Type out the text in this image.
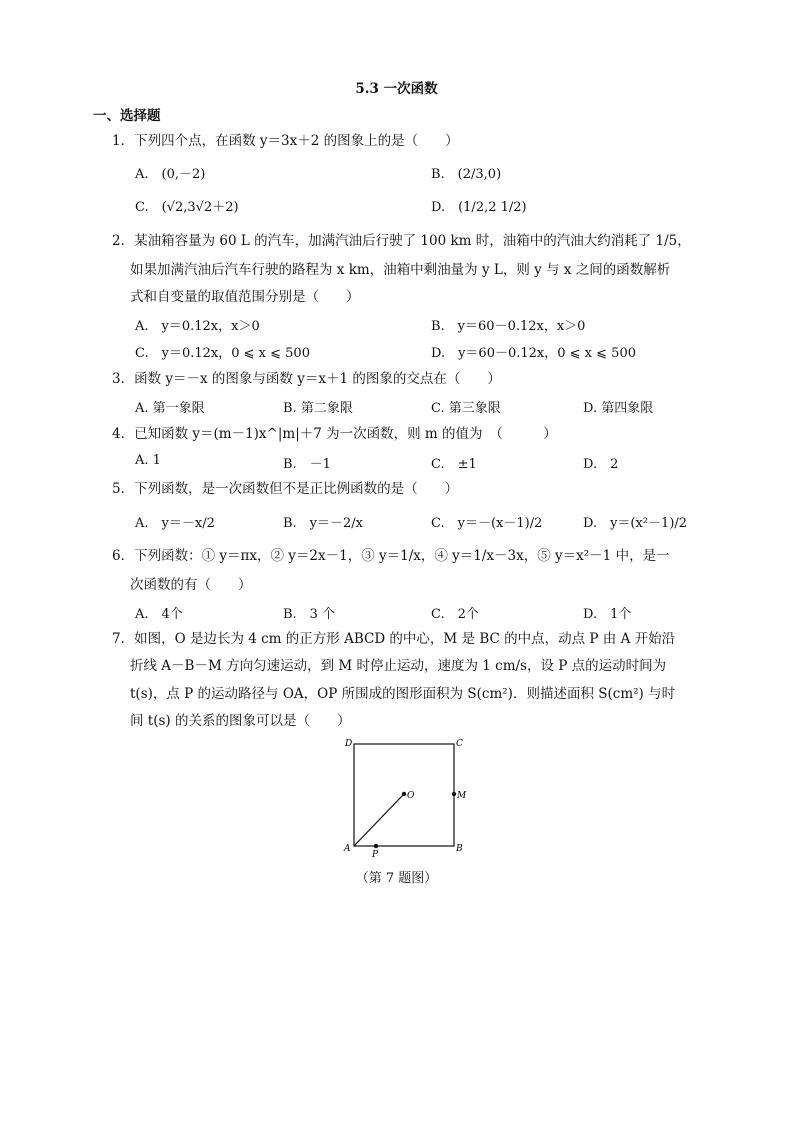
5.3 一次函数
一、选择题
1．下列四个点，在函数 y＝3x＋2 的图象上的是（　　）
A.　(0,－2)	B.　(2/3,0)
C.　(√2,3√2＋2)	D.　(1/2,2 1/2)
2．某油箱容量为 60 L 的汽车，加满汽油后行驶了 100 km 时，油箱中的汽油大约消耗了 1/5，
如果加满汽油后汽车行驶的路程为 x km，油箱中剩油量为 y L，则 y 与 x 之间的函数解析
式和自变量的取值范围分别是（　　）
A.　y＝0.12x，x＞0	B.　y＝60－0.12x，x＞0
C.　y＝0.12x，0 ⩽ x ⩽ 500	D.　y＝60－0.12x，0 ⩽ x ⩽ 500
3．函数 y＝－x 的图象与函数 y＝x＋1 的图象的交点在（　　）
A. 第一象限	B. 第二象限	C. 第三象限	D. 第四象限
4．已知函数 y＝(m－1)x^|m|＋7 为一次函数，则 m 的值为　（　　　）
A. 1	B.　－1	C.　±1	D.　2
5．下列函数，是一次函数但不是正比例函数的是（　　）
A.　y＝－x/2	B.　y＝－2/x	C.　y＝－(x－1)/2	D.　y＝(x²－1)/2
6．下列函数：① y＝πx，② y＝2x－1，③ y＝1/x，④ y＝1/x－3x，⑤ y＝x²－1 中，是一
次函数的有（　　）
A.　4个	B.　3 个	C.　2个	D.　1个
7．如图，O 是边长为 4 cm 的正方形 ABCD 的中心，M 是 BC 的中点，动点 P 由 A 开始沿
折线 A－B－M 方向匀速运动，到 M 时停止运动，速度为 1 cm/s，设 P 点的运动时间为
t(s)，点 P 的运动路径与 OA，OP 所围成的图形面积为 S(cm²)．则描述面积 S(cm²) 与时
间 t(s) 的关系的图象可以是（　　）
D	C
A	B
O	M
P
（第 7 题图）
